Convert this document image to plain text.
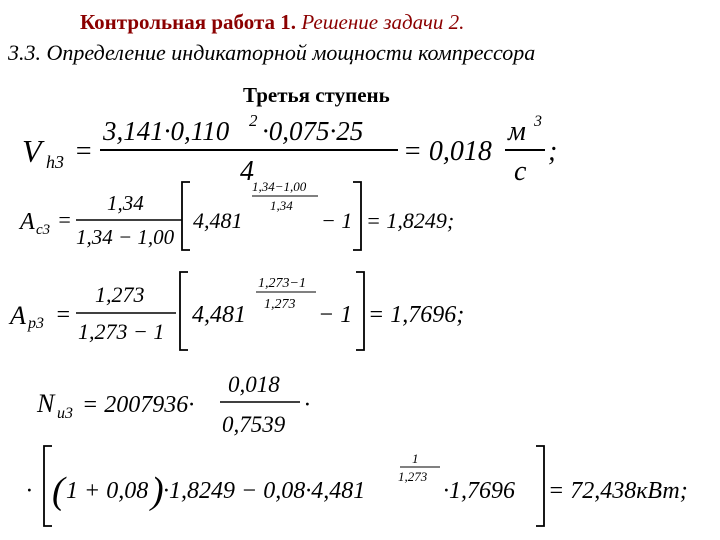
Контрольная работа 1. Решение задачи 2.
3.3. Определение индикаторной мощности компрессора
Третья ступень
V h3 =
3,141·0,110 2 ·0,075·25
4
= 0,018
м 3
с
;
A c3 =
1,34
1,34 − 1,00
4,481
1,34−1,00
1,34
− 1 = 1,8249;
A р3 =
1,273
1,273 − 1
4,481
1,273−1
1,273 − 1 = 1,7696;
N и3 = 2007936·
0,018
0,7539
·
· ( 1 + 0,08 ) ·1,8249 − 0,08·4,481
1
1,273
·1,7696 = 72,438кВт;
